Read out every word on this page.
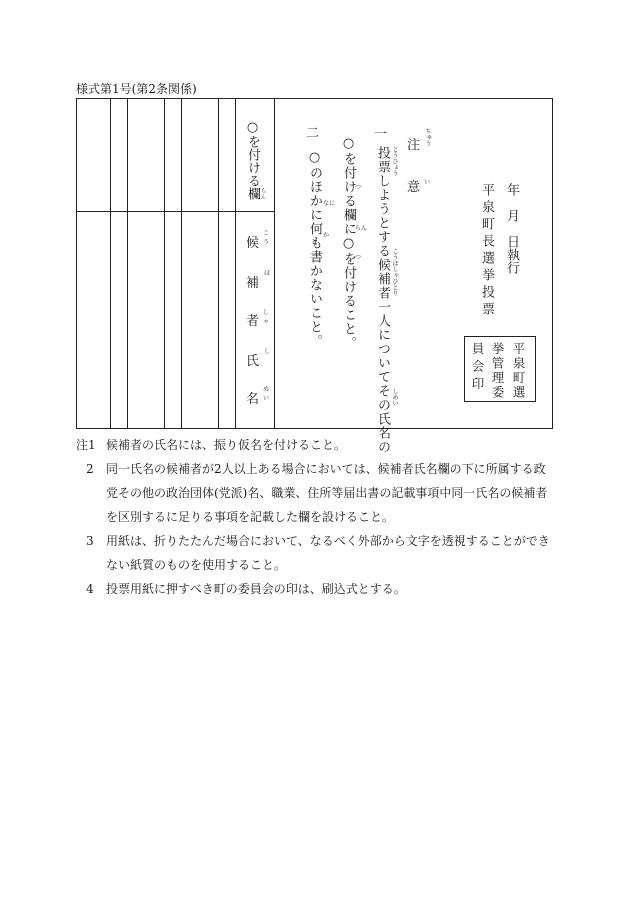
様式第1号(第2条関係)
○を付ける欄 らん
候
こう
補
ほ
者
しゃ
氏
し
名
めい
二
○のほかに何も書かないこと。 なに
か ○を付ける欄に○を付けること。 つ
らん
つ
一
投票しようとする候補者一人についてその氏名の とうひょう
こうほしゃひとり
しめい
注
意
ちゅう
い
平泉町長選挙投票 年　月　日執行
平泉町選
挙管理委
員会印
注1 候補者の氏名には、振り仮名を付けること。
2	同一氏名の候補者が2人以上ある場合においては、候補者氏名欄の下に所属する政党その他の政治団体(党派)名、職業、住所等届出書の記載事項中同一氏名の候補者を区別するに足りる事項を記載した欄を設けること。
3	用紙は、折りたたんだ場合において、なるべく外部から文字を透視することができない紙質のものを使用すること。
4	投票用紙に押すべき町の委員会の印は、刷込式とする。
